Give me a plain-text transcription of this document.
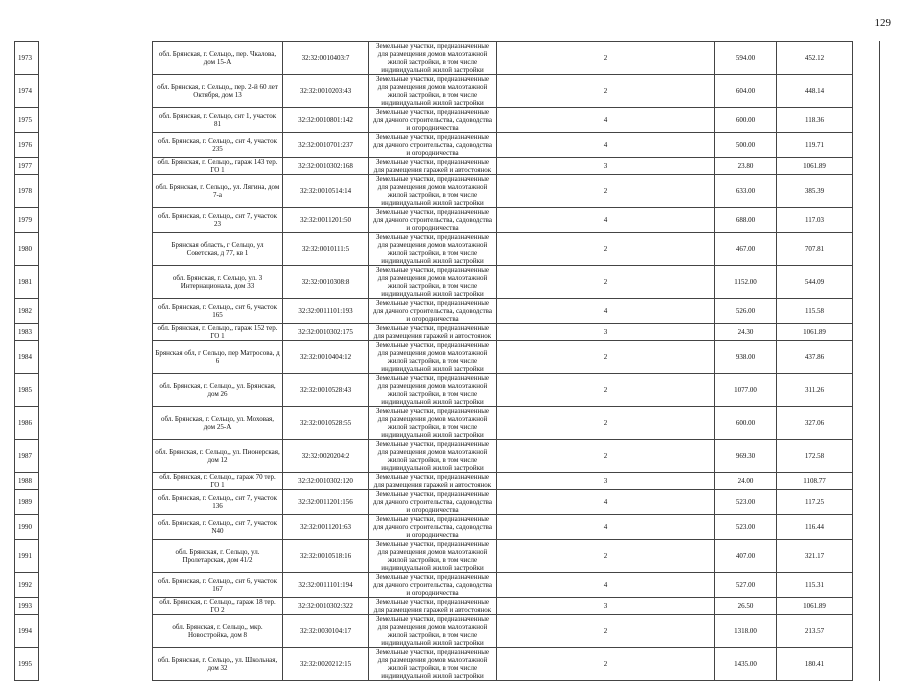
129
1973		обл. Брянская, г. Сельцо,, пер. Чкалова, дом 15-А	32:32:0010403:7	Земельные участки, предназначенные для размещения домов малоэтажной жилой застройки, в том числе индивидуальной жилой застройки	2	594.00	452.12		
1974		обл. Брянская, г. Сельцо,, пер. 2-й 60 лет Октября, дом 13	32:32:0010203:43	Земельные участки, предназначенные для размещения домов малоэтажной жилой застройки, в том числе индивидуальной жилой застройки	2	604.00	448.14		
1975		обл. Брянская, г. Сельцо, снт 1, участок 81	32:32:0010801:142	Земельные участки, предназначенные для дачного строительства, садоводства и огородничества	4	600.00	118.36		
1976		обл. Брянская, г. Сельцо,, снт 4, участок 235	32:32:0010701:237	Земельные участки, предназначенные для дачного строительства, садоводства и огородничества	4	500.00	119.71		
1977		обл. Брянская, г. Сельцо,, гараж 143 тер. ГО 1	32:32:0010302:168	Земельные участки, предназначенные для размещения гаражей и автостоянок	3	23.80	1061.89		
1978		обл. Брянская, г. Сельцо,, ул. Лягина, дом 7-а	32:32:0010514:14	Земельные участки, предназначенные для размещения домов малоэтажной жилой застройки, в том числе индивидуальной жилой застройки	2	633.00	385.39		
1979		обл. Брянская, г. Сельцо,, снт 7, участок 23	32:32:0011201:50	Земельные участки, предназначенные для дачного строительства, садоводства и огородничества	4	688.00	117.03		
1980		Брянская область, г Сельцо, ул Советская, д 77, кв 1	32:32:0010111:5	Земельные участки, предназначенные для размещения домов малоэтажной жилой застройки, в том числе индивидуальной жилой застройки	2	467.00	707.81		
1981		обл. Брянская, г. Сельцо, ул. 3 Интернационала, дом 33	32:32:0010308:8	Земельные участки, предназначенные для размещения домов малоэтажной жилой застройки, в том числе индивидуальной жилой застройки	2	1152.00	544.09		
1982		обл. Брянская, г. Сельцо,, снт 6, участок 165	32:32:0011101:193	Земельные участки, предназначенные для дачного строительства, садоводства и огородничества	4	526.00	115.58		
1983		обл. Брянская, г. Сельцо,, гараж 152 тер. ГО 1	32:32:0010302:175	Земельные участки, предназначенные для размещения гаражей и автостоянок	3	24.30	1061.89		
1984		Брянская обл, г Сельцо, пер Матросова, д 6	32:32:0010404:12	Земельные участки, предназначенные для размещения домов малоэтажной жилой застройки, в том числе индивидуальной жилой застройки	2	938.00	437.86		
1985		обл. Брянская, г. Сельцо,, ул. Брянская, дом 26	32:32:0010528:43	Земельные участки, предназначенные для размещения домов малоэтажной жилой застройки, в том числе индивидуальной жилой застройки	2	1077.00	311.26		
1986		обл. Брянская, г. Сельцо, ул. Моховая, дом 25-А	32:32:0010528:55	Земельные участки, предназначенные для размещения домов малоэтажной жилой застройки, в том числе индивидуальной жилой застройки	2	600.00	327.06		
1987		обл. Брянская, г. Сельцо,, ул. Пионерская, дом 12	32:32:0020204:2	Земельные участки, предназначенные для размещения домов малоэтажной жилой застройки, в том числе индивидуальной жилой застройки	2	969.30	172.58		
1988		обл. Брянская, г. Сельцо,, гараж 70 тер. ГО 1	32:32:0010302:120	Земельные участки, предназначенные для размещения гаражей и автостоянок	3	24.00	1108.77		
1989		обл. Брянская, г. Сельцо,, снт 7, участок 136	32:32:0011201:156	Земельные участки, предназначенные для дачного строительства, садоводства и огородничества	4	523.00	117.25		
1990		обл. Брянская, г. Сельцо,, снт 7, участок N40	32:32:0011201:63	Земельные участки, предназначенные для дачного строительства, садоводства и огородничества	4	523.00	116.44		
1991		обл. Брянская, г. Сельцо, ул. Пролетарская, дом 41/2	32:32:0010518:16	Земельные участки, предназначенные для размещения домов малоэтажной жилой застройки, в том числе индивидуальной жилой застройки	2	407.00	321.17		
1992		обл. Брянская, г. Сельцо,, снт 6, участок 167	32:32:0011101:194	Земельные участки, предназначенные для дачного строительства, садоводства и огородничества	4	527.00	115.31		
1993		обл. Брянская, г. Сельцо,, гараж 18 тер. ГО 2	32:32:0010302:322	Земельные участки, предназначенные для размещения гаражей и автостоянок	3	26.50	1061.89		
1994		обл. Брянская, г. Сельцо,, мкр. Новостройка, дом 8	32:32:0030104:17	Земельные участки, предназначенные для размещения домов малоэтажной жилой застройки, в том числе индивидуальной жилой застройки	2	1318.00	213.57		
1995		обл. Брянская, г. Сельцо,, ул. Школьная, дом 32	32:32:0020212:15	Земельные участки, предназначенные для размещения домов малоэтажной жилой застройки, в том числе индивидуальной жилой застройки	2	1435.00	180.41		
